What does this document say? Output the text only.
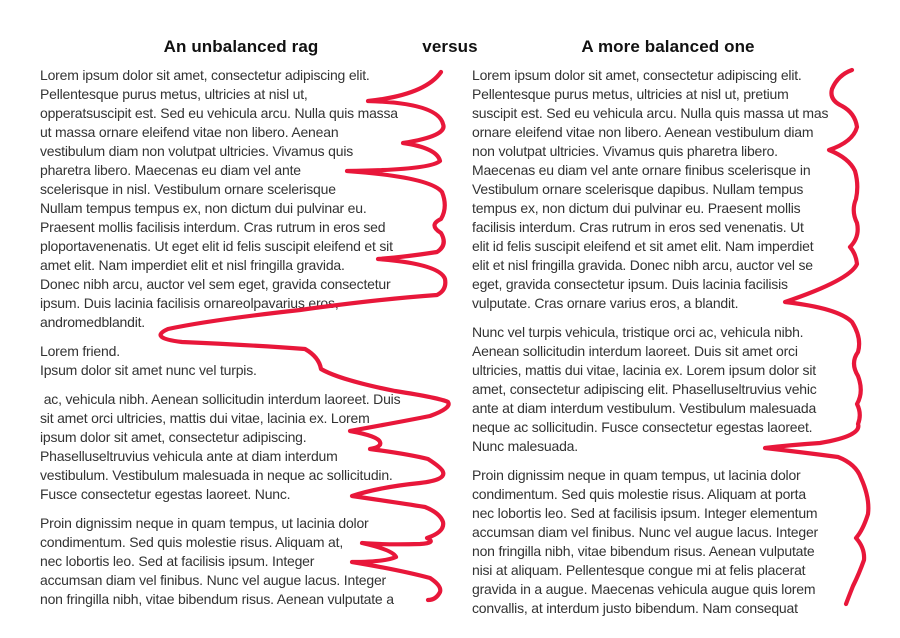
An unbalanced rag	versus	A more balanced one

Lorem ipsum dolor sit amet, consectetur adipiscing elit.
Pellentesque purus metus, ultricies at nisl ut,
opperatsuscipit est. Sed eu vehicula arcu. Nulla quis massa
ut massa ornare eleifend vitae non libero. Aenean
vestibulum diam non volutpat ultricies. Vivamus quis
pharetra libero. Maecenas eu diam vel ante
scelerisque in nisl. Vestibulum ornare scelerisque
Nullam tempus tempus ex, non dictum dui pulvinar eu.
Praesent mollis facilisis interdum. Cras rutrum in eros sed
ploportavenenatis. Ut eget elit id felis suscipit eleifend et sit
amet elit. Nam imperdiet elit et nisl fringilla gravida.
Donec nibh arcu, auctor vel sem eget, gravida consectetur
ipsum. Duis lacinia facilisis ornareolpavarius eros,
andromedblandit.

Lorem friend.
Ipsum dolor sit amet nunc vel turpis.

ac, vehicula nibh. Aenean sollicitudin interdum laoreet. Duis
sit amet orci ultricies, mattis dui vitae, lacinia ex. Lorem
ipsum dolor sit amet, consectetur adipiscing.
Phaselluseltruvius vehicula ante at diam interdum
vestibulum. Vestibulum malesuada in neque ac sollicitudin.
Fusce consectetur egestas laoreet. Nunc.

Proin dignissim neque in quam tempus, ut lacinia dolor
condimentum. Sed quis molestie risus. Aliquam at,
nec lobortis leo. Sed at facilisis ipsum. Integer
accumsan diam vel finibus. Nunc vel augue lacus. Integer
non fringilla nibh, vitae bibendum risus. Aenean vulputate a

Lorem ipsum dolor sit amet, consectetur adipiscing elit.
Pellentesque purus metus, ultricies at nisl ut, pretium
suscipit est. Sed eu vehicula arcu. Nulla quis massa ut mas
ornare eleifend vitae non libero. Aenean vestibulum diam
non volutpat ultricies. Vivamus quis pharetra libero.
Maecenas eu diam vel ante ornare finibus scelerisque in
Vestibulum ornare scelerisque dapibus. Nullam tempus
tempus ex, non dictum dui pulvinar eu. Praesent mollis
facilisis interdum. Cras rutrum in eros sed venenatis. Ut
elit id felis suscipit eleifend et sit amet elit. Nam imperdiet
elit et nisl fringilla gravida. Donec nibh arcu, auctor vel se
eget, gravida consectetur ipsum. Duis lacinia facilisis
vulputate. Cras ornare varius eros, a blandit.

Nunc vel turpis vehicula, tristique orci ac, vehicula nibh.
Aenean sollicitudin interdum laoreet. Duis sit amet orci
ultricies, mattis dui vitae, lacinia ex. Lorem ipsum dolor sit
amet, consectetur adipiscing elit. Phaselluseltruvius vehic
ante at diam interdum vestibulum. Vestibulum malesuada
neque ac sollicitudin. Fusce consectetur egestas laoreet.
Nunc malesuada.

Proin dignissim neque in quam tempus, ut lacinia dolor
condimentum. Sed quis molestie risus. Aliquam at porta
nec lobortis leo. Sed at facilisis ipsum. Integer elementum
accumsan diam vel finibus. Nunc vel augue lacus. Integer
non fringilla nibh, vitae bibendum risus. Aenean vulputate
nisi at aliquam. Pellentesque congue mi at felis placerat
gravida in a augue. Maecenas vehicula augue quis lorem
convallis, at interdum justo bibendum. Nam consequat
